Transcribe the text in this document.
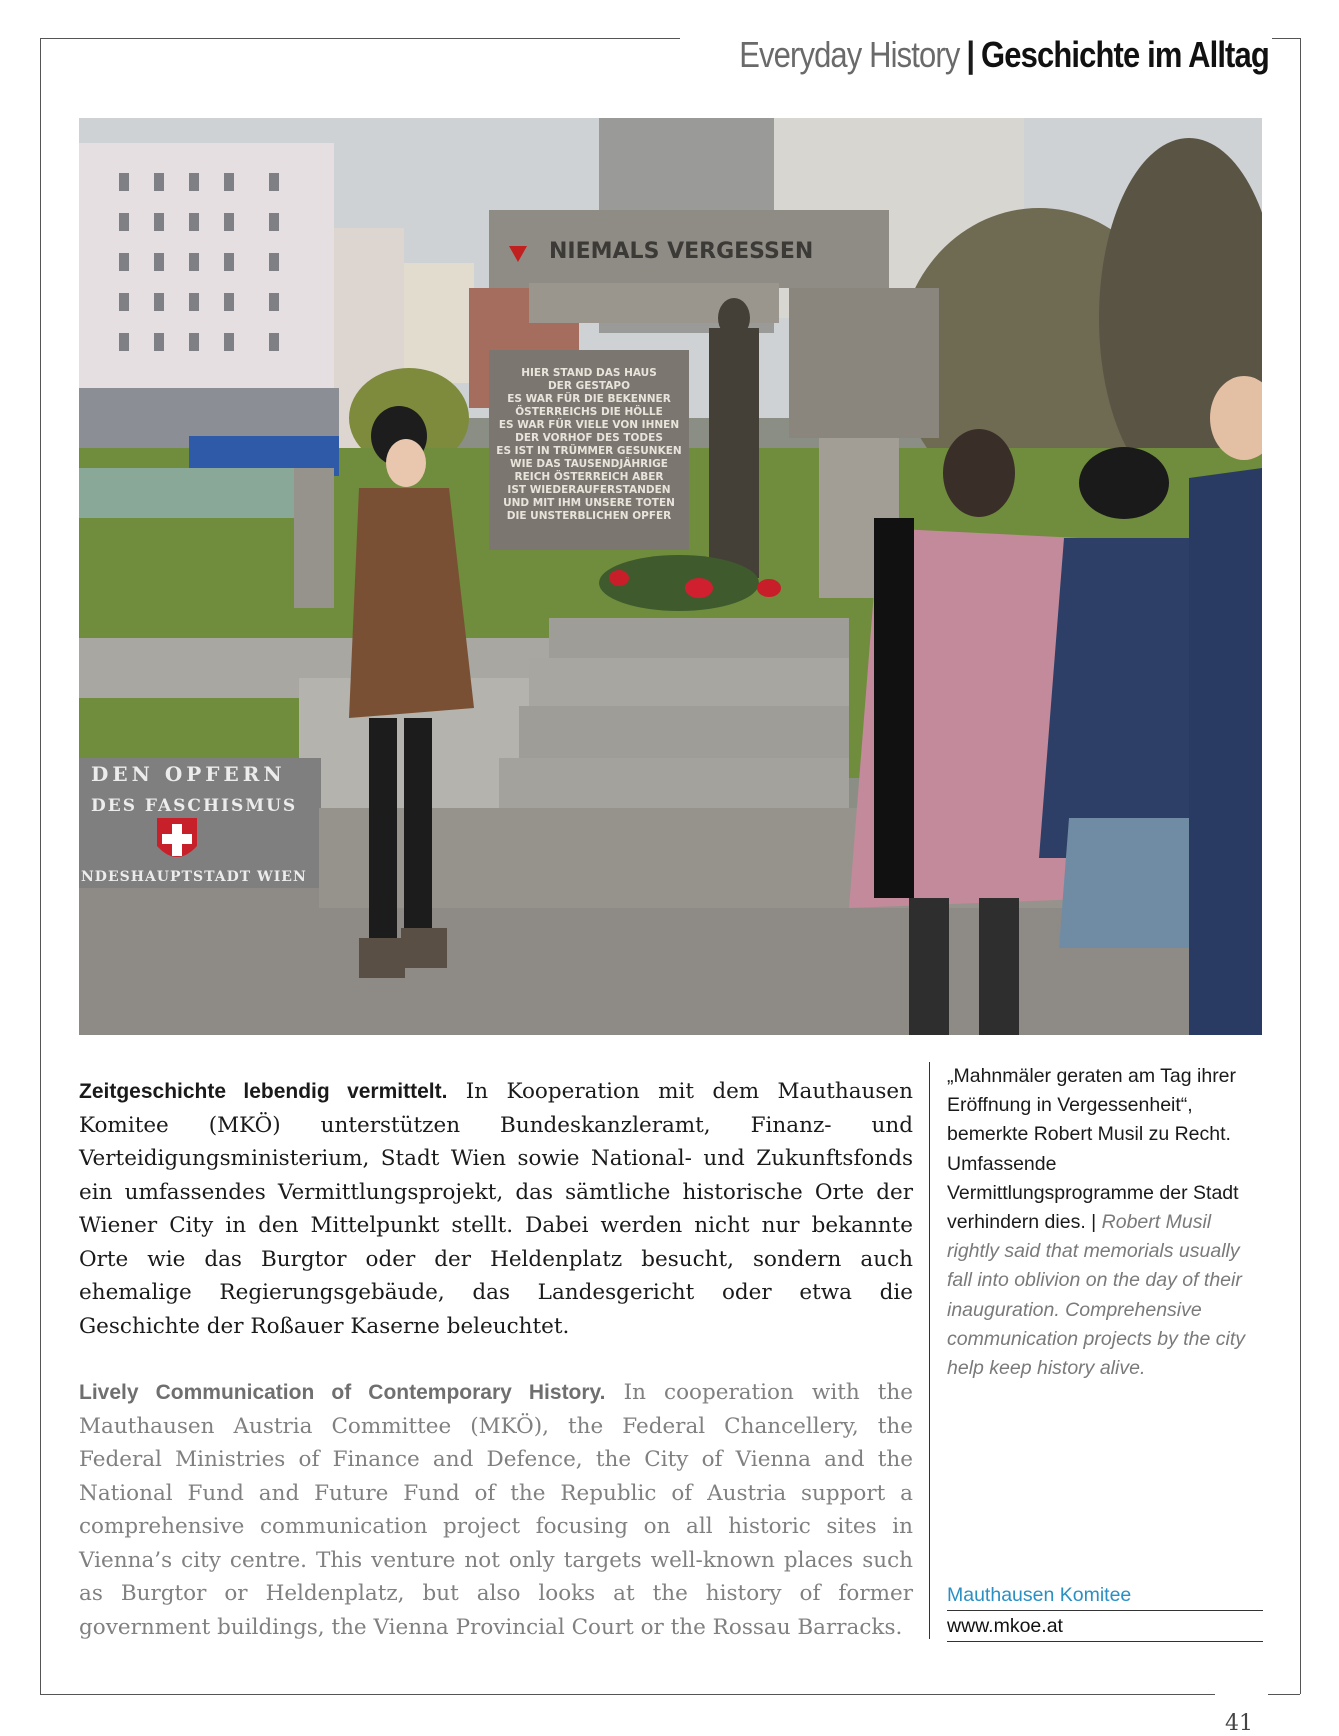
Everyday History | Geschichte im Alltag
NIEMALS VERGESSEN
HIER STAND DAS HAUS
DER GESTAPO
ES WAR FÜR DIE BEKENNER
ÖSTERREICHS DIE HÖLLE
ES WAR FÜR VIELE VON IHNEN
DER VORHOF DES TODES
ES IST IN TRÜMMER GESUNKEN
WIE DAS TAUSENDJÄHRIGE
REICH ÖSTERREICH ABER
IST WIEDERAUFERSTANDEN
UND MIT IHM UNSERE TOTEN
DIE UNSTERBLICHEN OPFER
DEN OPFERN
DES FASCHISMUS
NDESHAUPTSTADT WIEN

Zeitgeschichte lebendig vermittelt. In Kooperation mit dem Mauthausen Komitee (MKÖ) unterstützen Bundeskanzleramt, Finanz- und Verteidigungsministerium, Stadt Wien sowie National- und Zukunftsfonds ein umfassendes Vermittlungsprojekt, das sämtliche historische Orte der Wiener City in den Mittelpunkt stellt. Dabei werden nicht nur bekannte Orte wie das Burgtor oder der Heldenplatz besucht, sondern auch ehemalige Regierungsgebäude, das Landesgericht oder etwa die Geschichte der Roßauer Kaserne beleuchtet.

Lively Communication of Contemporary History. In cooperation with the Mauthausen Austria Committee (MKÖ), the Federal Chancellery, the Federal Ministries of Finance and Defence, the City of Vienna and the National Fund and Future Fund of the Republic of Austria support a comprehensive communication project focusing on all historic sites in Vienna’s city centre. This venture not only targets well-known places such as Burgtor or Heldenplatz, but also looks at the history of former government buildings, the Vienna Provincial Court or the Rossau Barracks.

„Mahnmäler geraten am Tag ihrer Eröffnung in Vergessenheit“, bemerkte Robert Musil zu Recht. Umfassende Vermittlungsprogramme der Stadt verhindern dies. | Robert Musil rightly said that memorials usually fall into oblivion on the day of their inauguration. Comprehensive communication projects by the city help keep history alive.

Mauthausen Komitee
www.mkoe.at
41
